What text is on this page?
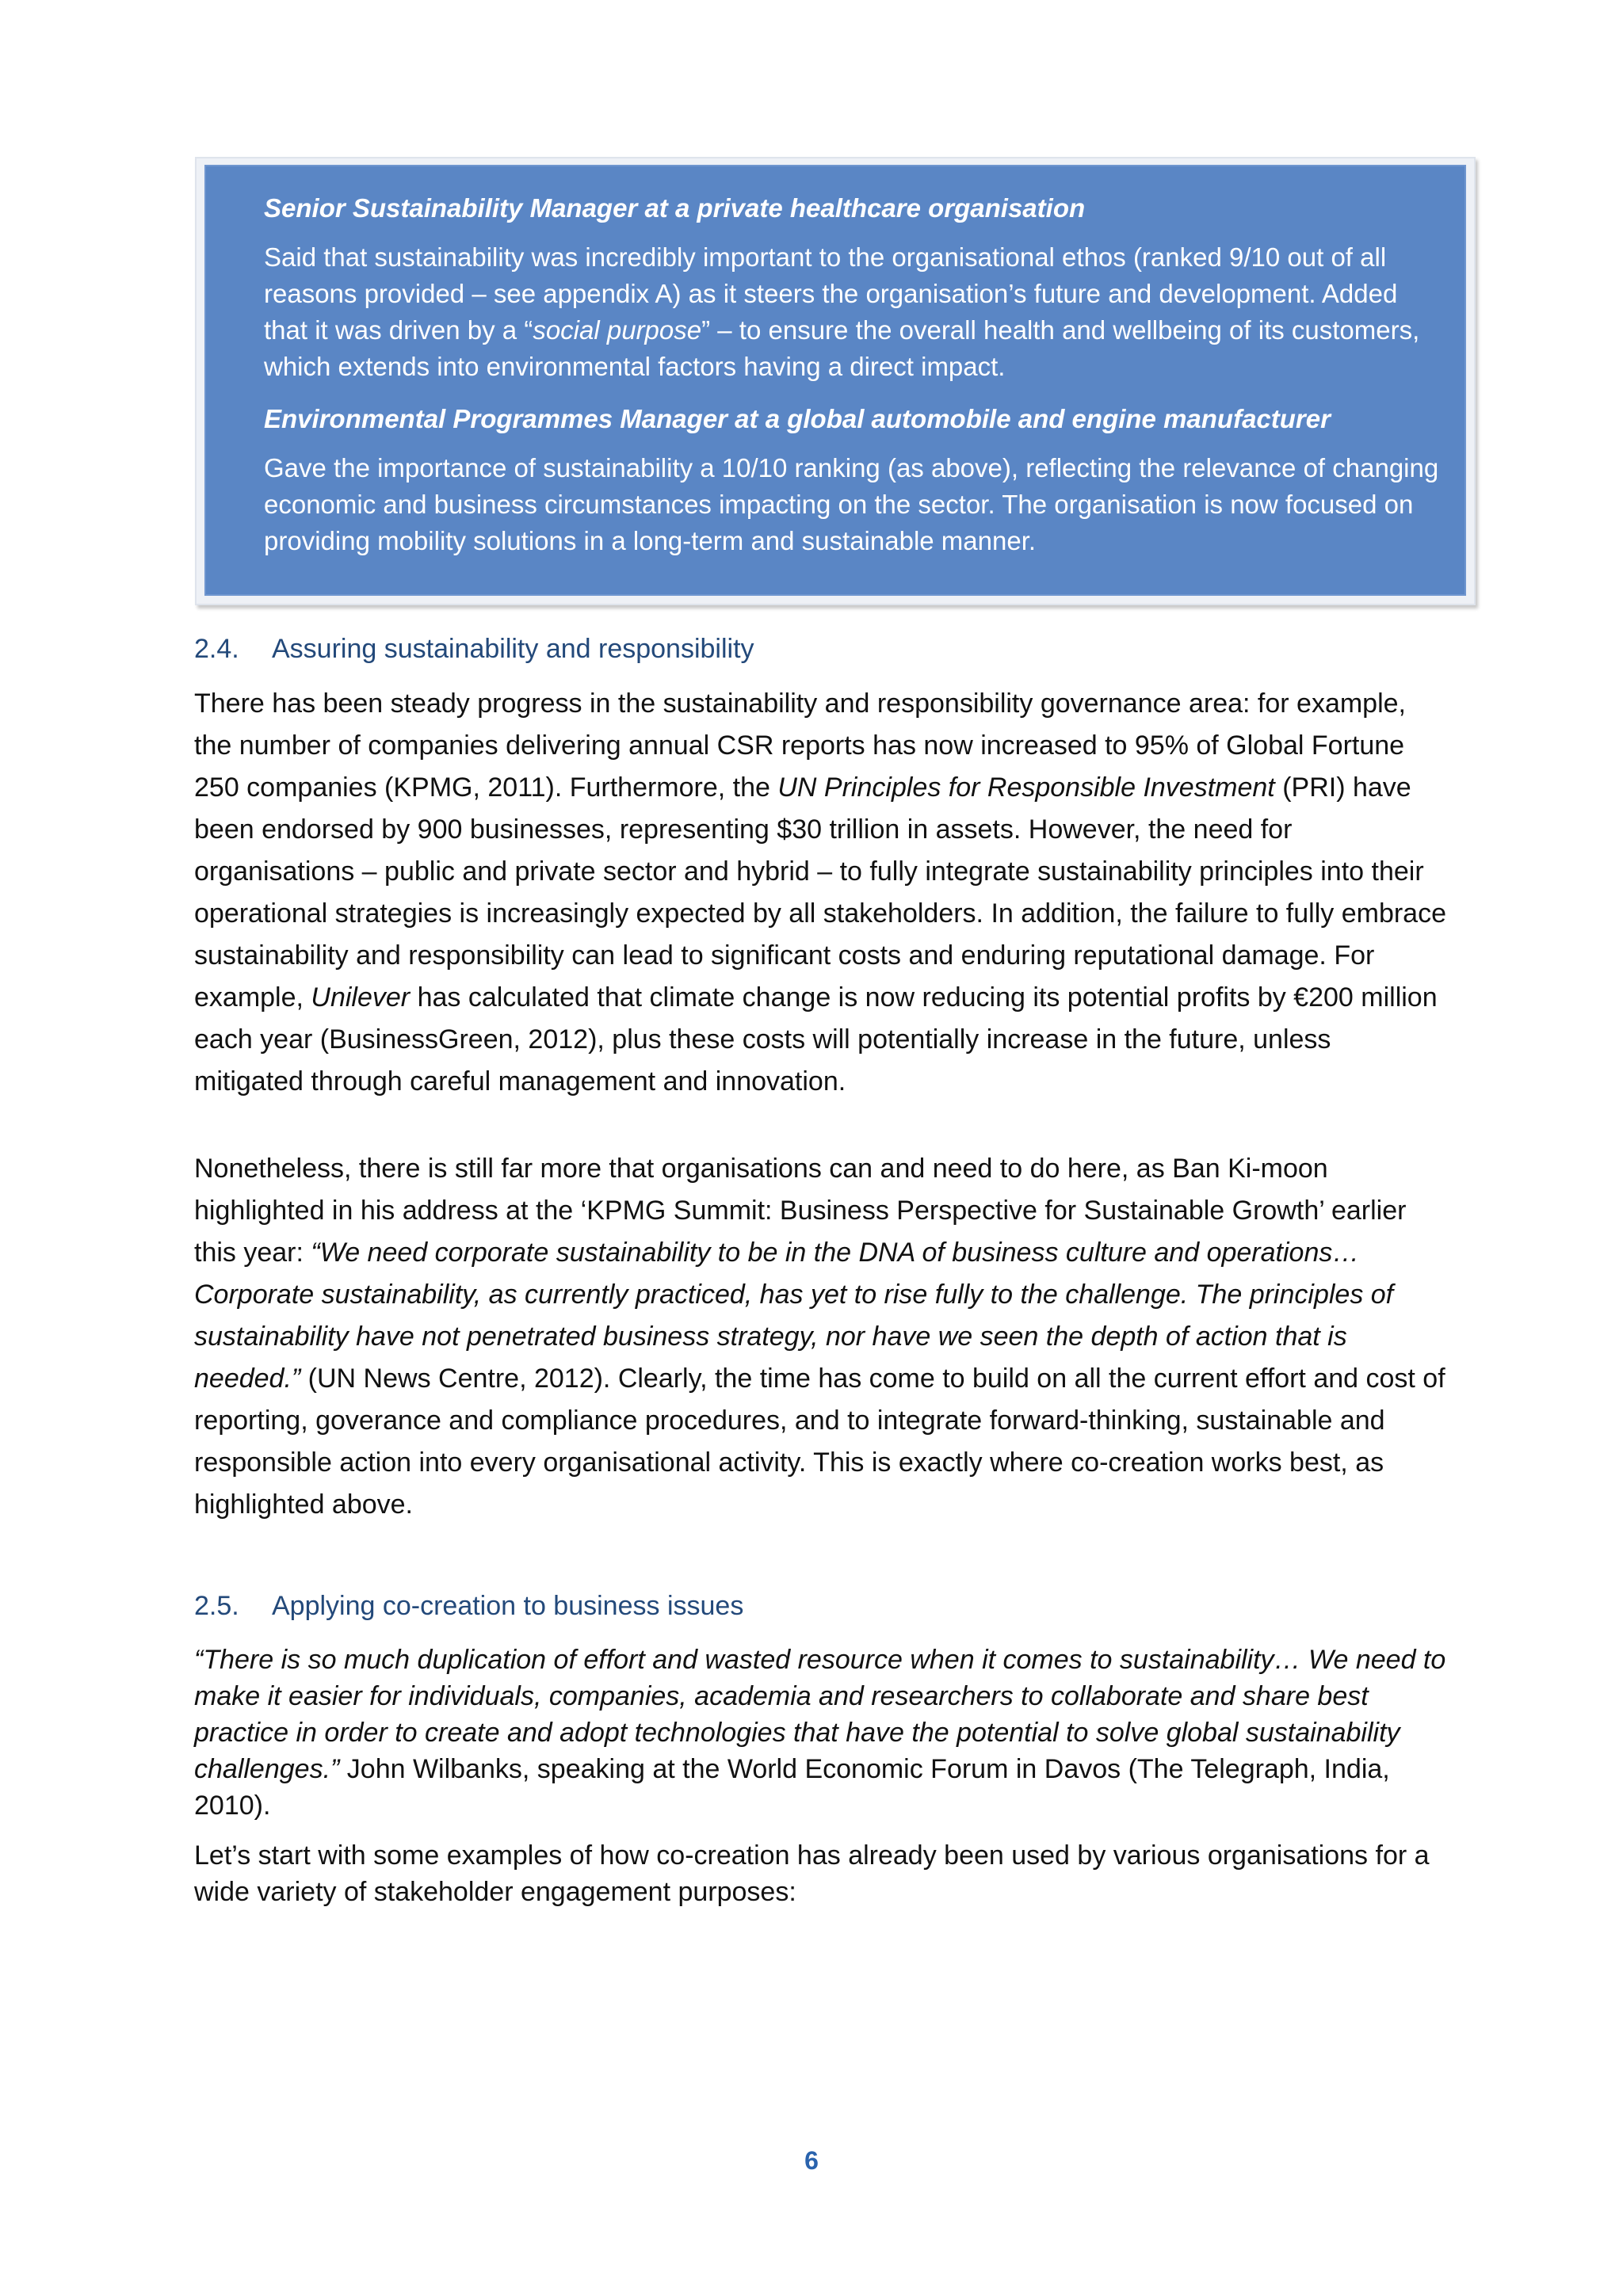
Senior Sustainability Manager at a private healthcare organisation

Said that sustainability was incredibly important to the organisational ethos (ranked 9/10 out of all reasons provided – see appendix A) as it steers the organisation’s future and development. Added that it was driven by a “social purpose” – to ensure the overall health and wellbeing of its customers, which extends into environmental factors having a direct impact.

Environmental Programmes Manager at a global automobile and engine manufacturer

Gave the importance of sustainability a 10/10 ranking (as above), reflecting the relevance of changing economic and business circumstances impacting on the sector. The organisation is now focused on providing mobility solutions in a long-term and sustainable manner.

2.4. Assuring sustainability and responsibility

There has been steady progress in the sustainability and responsibility governance area: for example, the number of companies delivering annual CSR reports has now increased to 95% of Global Fortune 250 companies (KPMG, 2011). Furthermore, the UN Principles for Responsible Investment (PRI) have been endorsed by 900 businesses, representing $30 trillion in assets. However, the need for organisations – public and private sector and hybrid – to fully integrate sustainability principles into their operational strategies is increasingly expected by all stakeholders. In addition, the failure to fully embrace sustainability and responsibility can lead to significant costs and enduring reputational damage. For example, Unilever has calculated that climate change is now reducing its potential profits by €200 million each year (BusinessGreen, 2012), plus these costs will potentially increase in the future, unless mitigated through careful management and innovation.

Nonetheless, there is still far more that organisations can and need to do here, as Ban Ki-moon highlighted in his address at the ‘KPMG Summit: Business Perspective for Sustainable Growth’ earlier this year: “We need corporate sustainability to be in the DNA of business culture and operations… Corporate sustainability, as currently practiced, has yet to rise fully to the challenge. The principles of sustainability have not penetrated business strategy, nor have we seen the depth of action that is needed.” (UN News Centre, 2012). Clearly, the time has come to build on all the current effort and cost of reporting, goverance and compliance procedures, and to integrate forward-thinking, sustainable and responsible action into every organisational activity. This is exactly where co-creation works best, as highlighted above.

2.5. Applying co-creation to business issues

“There is so much duplication of effort and wasted resource when it comes to sustainability… We need to make it easier for individuals, companies, academia and researchers to collaborate and share best practice in order to create and adopt technologies that have the potential to solve global sustainability challenges.” John Wilbanks, speaking at the World Economic Forum in Davos (The Telegraph, India, 2010).

Let’s start with some examples of how co-creation has already been used by various organisations for a wide variety of stakeholder engagement purposes:

6
